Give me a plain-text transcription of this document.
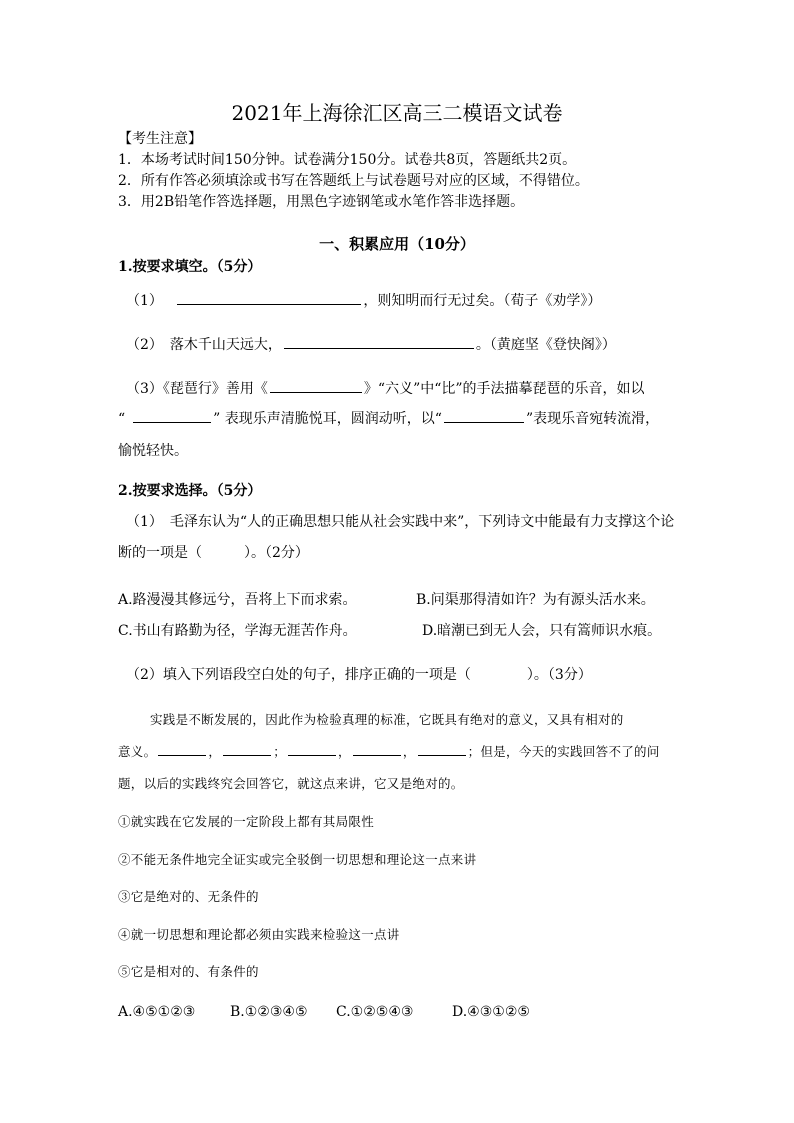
2021年上海徐汇区高三二模语文试卷
【考生注意】
1．本场考试时间150分钟。试卷满分150分。试卷共8页，答题纸共2页。
2．所有作答必须填涂或书写在答题纸上与试卷题号对应的区域，不得错位。
3．用2B铅笔作答选择题，用黑色字迹钢笔或水笔作答非选择题。
一、积累应用（10分）
1.按要求填空。（5分）
（1）	，则知明而行无过矣。（荀子《劝学》）
（2）　落木千山天远大，	。（黄庭坚《登快阁》）
（3）《琵琶行》善用《	》“六义”中“比”的手法描摹琵琶的乐音，如以
“	” 表现乐声清脆悦耳，圆润动听，以“	”表现乐音宛转流滑，
愉悦轻快。
2.按要求选择。（5分）
（1）　毛泽东认为“人的正确思想只能从社会实践中来”，下列诗文中能最有力支撑这个论
断的一项是（　　　）。（2分）
A.路漫漫其修远兮，吾将上下而求索。	B.问渠那得清如许？为有源头活水来。
C.书山有路勤为径，学海无涯苦作舟。	D.暗潮已到无人会，只有篙师识水痕。
（2）填入下列语段空白处的句子，排序正确的一项是（　　　　）。（3分）
实践是不断发展的，因此作为检验真理的标准，它既具有绝对的意义，又具有相对的
意义。	，	；	，	，	；但是，今天的实践回答不了的问
题，以后的实践终究会回答它，就这点来讲，它又是绝对的。
①就实践在它发展的一定阶段上都有其局限性
②不能无条件地完全证实或完全驳倒一切思想和理论这一点来讲
③它是绝对的、无条件的
④就一切思想和理论都必须由实践来检验这一点讲
⑤它是相对的、有条件的
A.④⑤①②③ B.①②③④⑤ C.①②⑤④③	D.④③①②⑤
